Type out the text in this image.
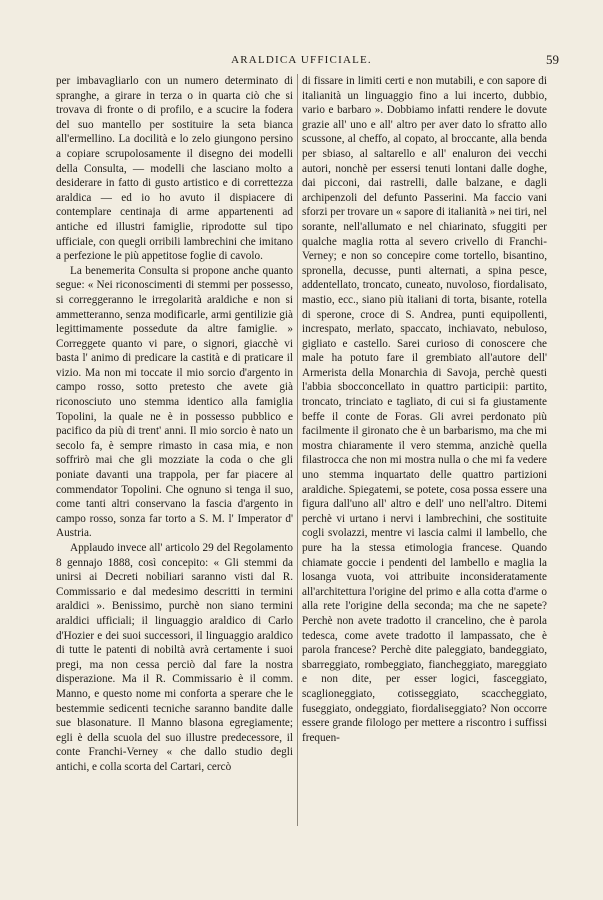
ARALDICA UFFICIALE.	59

per imbavagliarlo con un numero determinato di spranghe, a girare in terza o in quarta ciò che si trovava di fronte o di profilo, e a scucire la fodera del suo mantello per sostituire la seta bianca all'ermellino. La docilità e lo zelo giungono persino a copiare scrupolosamente il disegno dei modelli della Consulta, — modelli che lasciano molto a desiderare in fatto di gusto artistico e di correttezza araldica — ed io ho avuto il dispiacere di contemplare centinaja di arme appartenenti ad antiche ed illustri famiglie, riprodotte sul tipo ufficiale, con quegli orribili lambrechini che imitano a perfezione le più appetitose foglie di cavolo.

La benemerita Consulta si propone anche quanto segue: « Nei riconoscimenti di stemmi per possesso, si correggeranno le irregolarità araldiche e non si ammetteranno, senza modificarle, armi gentilizie già legittimamente possedute da altre famiglie. » Correggete quanto vi pare, o signori, giacchè vi basta l' animo di predicare la castità e di praticare il vizio. Ma non mi toccate il mio sorcio d'argento in campo rosso, sotto pretesto che avete già riconosciuto uno stemma identico alla famiglia Topolini, la quale ne è in possesso pubblico e pacifico da più di trent' anni. Il mio sorcio è nato un secolo fa, è sempre rimasto in casa mia, e non soffrirò mai che gli mozziate la coda o che gli poniate davanti una trappola, per far piacere al commendator Topolini. Che ognuno si tenga il suo, come tanti altri conservano la fascia d'argento in campo rosso, sonza far torto a S. M. l' Imperator d' Austria.

Applaudo invece all' articolo 29 del Regolamento 8 gennajo 1888, così concepito: « Gli stemmi da unirsi ai Decreti nobiliari saranno visti dal R. Commissario e dal medesimo descritti in termini araldici ». Benissimo, purchè non siano termini araldici ufficiali; il linguaggio araldico di Carlo d'Hozier e dei suoi successori, il linguaggio araldico di tutte le patenti di nobiltà avrà certamente i suoi pregi, ma non cessa perciò dal fare la nostra disperazione. Ma il R. Commissario è il comm. Manno, e questo nome mi conforta a sperare che le bestemmie sedicenti tecniche saranno bandite dalle sue blasonature. Il Manno blasona egregiamente; egli è della scuola del suo illustre predecessore, il conte Franchi-Verney « che dallo studio degli antichi, e colla scorta del Cartari, cercò

di fissare in limiti certi e non mutabili, e con sapore di italianità un linguaggio fino a lui incerto, dubbio, vario e barbaro ». Dobbiamo infatti rendere le dovute grazie all' uno e all' altro per aver dato lo sfratto allo scussone, al cheffo, al copato, al broccante, alla benda per sbiaso, al saltarello e all' enaluron dei vecchi autori, nonchè per essersi tenuti lontani dalle doghe, dai picconi, dai rastrelli, dalle balzane, e dagli archipenzoli del defunto Passerini. Ma faccio vani sforzi per trovare un « sapore di italianità » nei tiri, nel sorante, nell'allumato e nel chiarinato, sfuggiti per qualche maglia rotta al severo crivello di Franchi-Verney; e non so concepire come tortello, bisantino, spronella, decusse, punti alternati, a spina pesce, addentellato, troncato, cuneato, nuvoloso, fiordalisato, mastio, ecc., siano più italiani di torta, bisante, rotella di sperone, croce di S. Andrea, punti equipollenti, increspato, merlato, spaccato, inchiavato, nebuloso, gigliato e castello. Sarei curioso di conoscere che male ha potuto fare il grembiato all'autore dell' Armerista della Monarchia di Savoja, perchè questi l'abbia sbocconcellato in quattro participii: partito, troncato, trinciato e tagliato, di cui si fa giustamente beffe il conte de Foras. Gli avrei perdonato più facilmente il gironato che è un barbarismo, ma che mi mostra chiaramente il vero stemma, anzichè quella filastrocca che non mi mostra nulla o che mi fa vedere uno stemma inquartato delle quattro partizioni araldiche. Spiegatemi, se potete, cosa possa essere una figura dall'uno all' altro e dell' uno nell'altro. Ditemi perchè vi urtano i nervi i lambrechini, che sostituite cogli svolazzi, mentre vi lascia calmi il lambello, che pure ha la stessa etimologia francese. Quando chiamate goccie i pendenti del lambello e maglia la losanga vuota, voi attribuite inconsideratamente all'architettura l'origine del primo e alla cotta d'arme o alla rete l'origine della seconda; ma che ne sapete? Perchè non avete tradotto il crancelino, che è parola tedesca, come avete tradotto il lampassato, che è parola francese? Perchè dite paleggiato, bandeggiato, sbarreggiato, rombeggiato, fiancheggiato, mareggiato e non dite, per esser logici, fasceggiato, scaglioneggiato, cotisseggiato, scaccheggiato, fuseggiato, ondeggiato, fiordaliseggiato? Non occorre essere grande filologo per mettere a riscontro i suffissi frequen-
